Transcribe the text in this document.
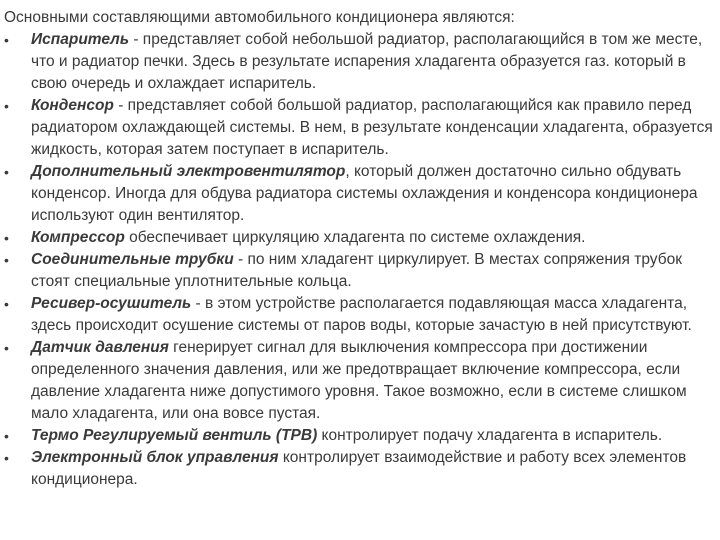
Основными составляющими автомобильного кондиционера являются:

•	Испаритель - представляет собой небольшой радиатор, располагающийся в том же месте, что и радиатор печки. Здесь в результате испарения хладагента образуется газ. который в свою очередь и охлаждает испаритель.
•	Конденсор - представляет собой большой радиатор, располагающийся как правило перед радиатором охлаждающей системы. В нем, в результате конденсации хладагента, образуется жидкость, которая затем поступает в испаритель.
•	Дополнительный электровентилятор, который должен достаточно сильно обдувать конденсор. Иногда для обдува радиатора системы охлаждения и конденсора кондиционера используют один вентилятор.
•	Компрессор обеспечивает циркуляцию хладагента по системе охлаждения.
•	Соединительные трубки - по ним хладагент циркулирует. В местах сопряжения трубок стоят специальные уплотнительные кольца.
•	Ресивер-осушитель - в этом устройстве располагается подавляющая масса хладагента, здесь происходит осушение системы от паров воды, которые зачастую в ней присутствуют.
•	Датчик давления генерирует сигнал для выключения компрессора при достижении определенного значения давления, или же предотвращает включение компрессора, если давление хладагента ниже допустимого уровня. Такое возможно, если в системе слишком мало хладагента, или она вовсе пустая.
•	Термо Регулируемый вентиль (ТРВ) контролирует подачу хладагента в испаритель.
•	Электронный блок управления контролирует взаимодействие и работу всех элементов кондиционера.
